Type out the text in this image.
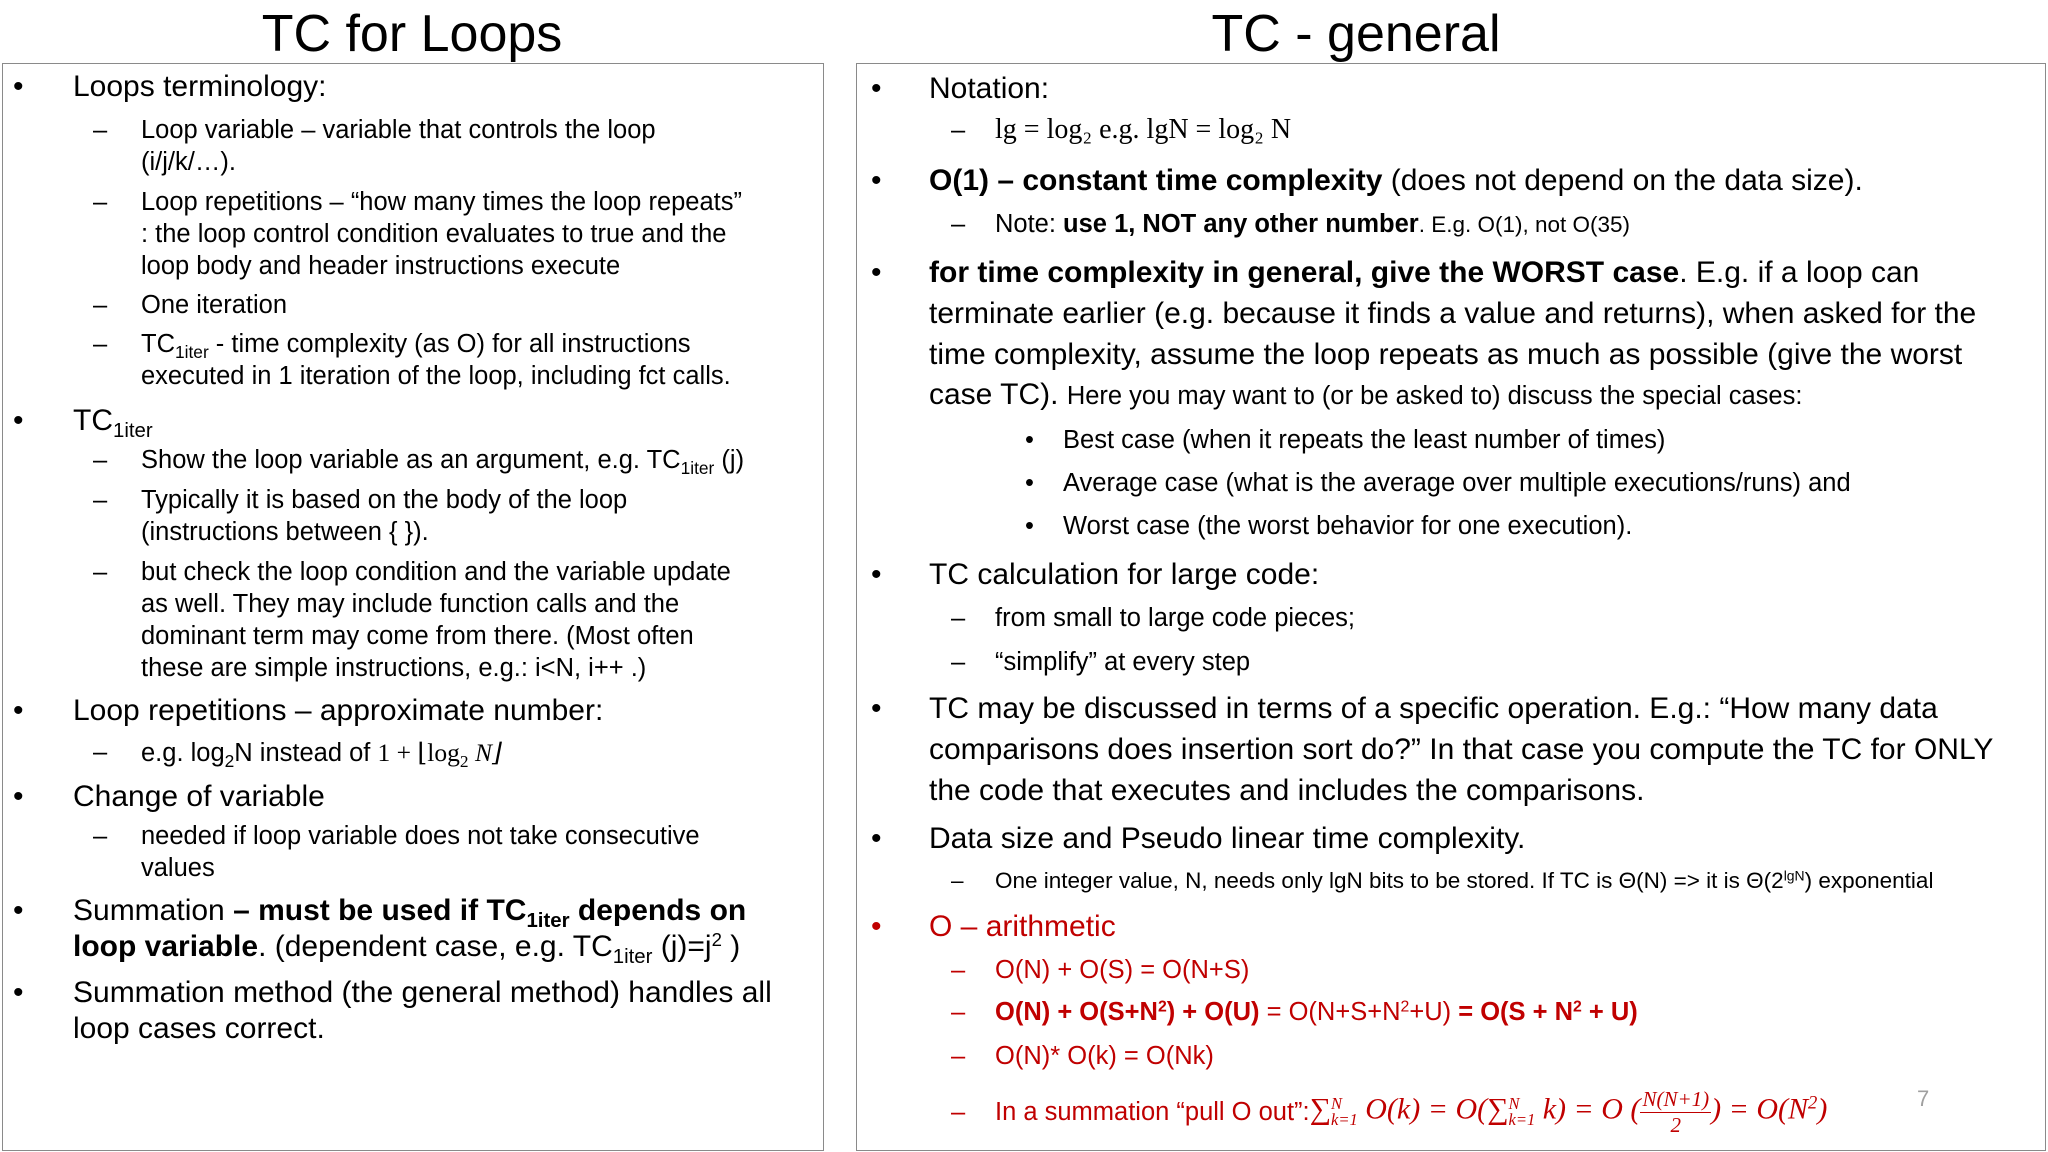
TC for Loops	TC - general
• Loops terminology:
– Loop variable – variable that controls the loop
(i/j/k/…).
– Loop repetitions – “how many times the loop repeats”
: the loop control condition evaluates to true and the
loop body and header instructions execute
– One iteration
– $TC_{1iter}$ - time complexity (as O) for all instructions
executed in 1 iteration of the loop, including fct calls.
• $TC_{1iter}$
– Show the loop variable as an argument, e.g. $TC_{1iter}$ (j)
– Typically it is based on the body of the loop
(instructions between { }).
– but check the loop condition and the variable update
as well. They may include function calls and the
dominant term may come from there. (Most often
these are simple instructions, e.g.: i<N, i++ .)
• Loop repetitions – approximate number:
– e.g. $\log_2N$ instead of $1 + ⌊\log_2$ N⌋
• Change of variable
– needed if loop variable does not take consecutive
values
• Summation – must be used if $TC_{1iter}$ depends on
loop variable. (dependent case, e.g. $TC_{1iter}$ $(j)=j^2$ )
• Summation method (the general method) handles all
loop cases correct.
• Notation:
– lg = log₂ e.g. lgN = log₂ N
• O(1) – constant time complexity (does not depend on the data size).
– Note: use 1, NOT any other number. E.g. O(1), not O(35)
• for time complexity in general, give the WORST case. E.g. if a loop can
terminate earlier (e.g. because it finds a value and returns), when asked for the
time complexity, assume the loop repeats as much as possible (give the worst
case TC). Here you may want to (or be asked to) discuss the special cases:
• Best case (when it repeats the least number of times)
• Average case (what is the average over multiple executions/runs) and
• Worst case (the worst behavior for one execution).
• TC calculation for large code:
– from small to large code pieces;
– “simplify” at every step
• TC may be discussed in terms of a specific operation. E.g.: “How many data
comparisons does insertion sort do?” In that case you compute the TC for ONLY
the code that executes and includes the comparisons.
• Data size and Pseudo linear time complexity.
– One integer value, N, needs only lgN bits to be stored. If TC is Θ(N) => it is $\Theta(2^{lgN})$ exponential
• O – arithmetic
– O(N) + O(S) = O(N+S)
– $O(N) + O(S+N^2) + O(U) = O(N+S+N^2+U) = O(S + N^2 + U)$
– O(N)* O(k) = O(Nk)
– In a summation “pull O out”: ∑ N
k=1 O(k) = O(∑ N
k=1 k) = O ( $\frac{N(N+1)}{2}$ ) = $O(N^2)$	7
